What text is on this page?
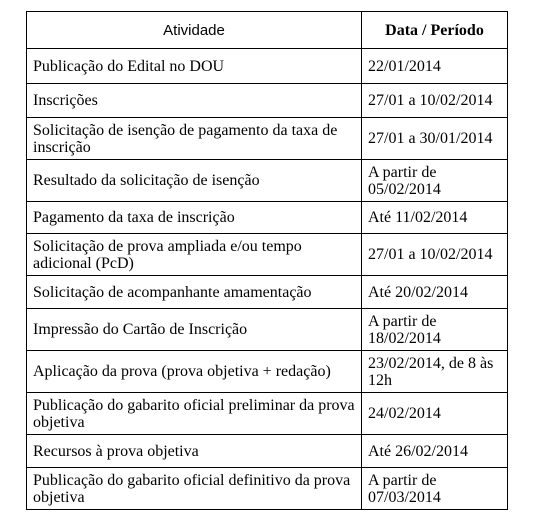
Atividade	Data / Período
Publicação do Edital no DOU	22/01/2014
Inscrições	27/01 a 10/02/2014
Solicitação de isenção de pagamento da taxa de inscrição	27/01 a 30/01/2014
Resultado da solicitação de isenção	A partir de 05/02/2014
Pagamento da taxa de inscrição	Até 11/02/2014
Solicitação de prova ampliada e/ou tempo adicional (PcD)	27/01 a 10/02/2014
Solicitação de acompanhante amamentação	Até 20/02/2014
Impressão do Cartão de Inscrição	A partir de 18/02/2014
Aplicação da prova (prova objetiva + redação)	23/02/2014, de 8 às 12h
Publicação do gabarito oficial preliminar da prova objetiva	24/02/2014
Recursos à prova objetiva	Até 26/02/2014
Publicação do gabarito oficial definitivo da prova objetiva	A partir de 07/03/2014
